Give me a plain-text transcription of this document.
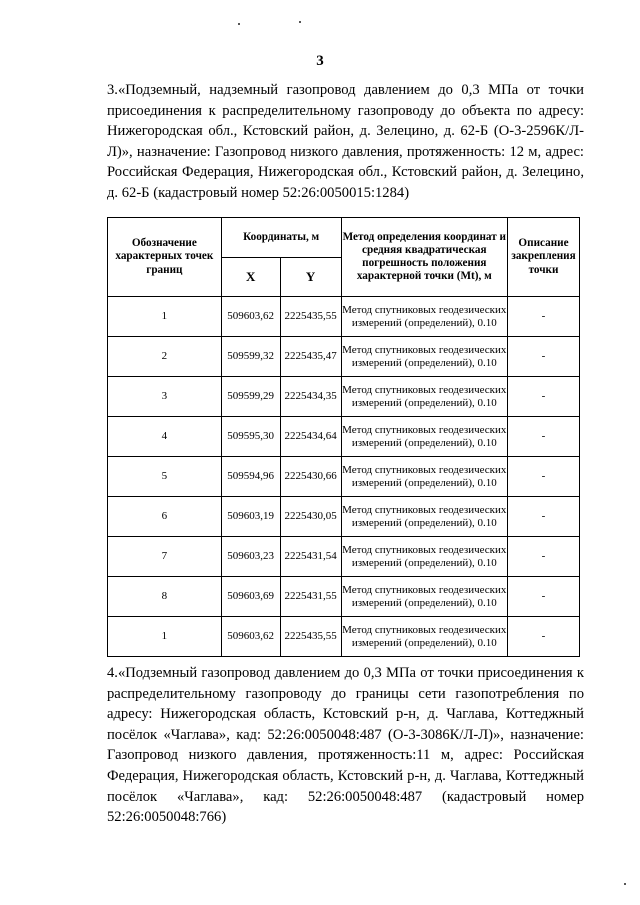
3

3.«Подземный, надземный газопровод давлением до 0,3 МПа от точки присоединения к распределительному газопроводу до объекта по адресу: Нижегородская обл., Кстовский район, д. Зелецино, д. 62-Б (О-3-2596К/Л-Л)», назначение: Газопровод низкого давления, протяженность: 12 м, адрес: Российская Федерация, Нижегородская обл., Кстовский район, д. Зелецино, д. 62-Б (кадастровый номер 52:26:0050015:1284)

Обозначение характерных точек границ	Координаты, м		Метод определения координат и средняя квадратическая погрешность положения характерной точки (Mt), м	Описание закрепления точки
	X	Y		
1	509603,62	2225435,55	Метод спутниковых геодезических измерений (определений), 0.10	-
2	509599,32	2225435,47	Метод спутниковых геодезических измерений (определений), 0.10	-
3	509599,29	2225434,35	Метод спутниковых геодезических измерений (определений), 0.10	-
4	509595,30	2225434,64	Метод спутниковых геодезических измерений (определений), 0.10	-
5	509594,96	2225430,66	Метод спутниковых геодезических измерений (определений), 0.10	-
6	509603,19	2225430,05	Метод спутниковых геодезических измерений (определений), 0.10	-
7	509603,23	2225431,54	Метод спутниковых геодезических измерений (определений), 0.10	-
8	509603,69	2225431,55	Метод спутниковых геодезических измерений (определений), 0.10	-
1	509603,62	2225435,55	Метод спутниковых геодезических измерений (определений), 0.10	-

4.«Подземный газопровод давлением до 0,3 МПа от точки присоединения к распределительному газопроводу до границы сети газопотребления по адресу: Нижегородская область, Кстовский р-н, д. Чаглава, Коттеджный посёлок «Чаглава», кад: 52:26:0050048:487 (О-3-3086К/Л-Л)», назначение: Газопровод низкого давления, протяженность:11 м, адрес: Российская Федерация, Нижегородская область, Кстовский р-н, д. Чаглава, Коттеджный посёлок «Чаглава», кад: 52:26:0050048:487 (кадастровый номер 52:26:0050048:766)
